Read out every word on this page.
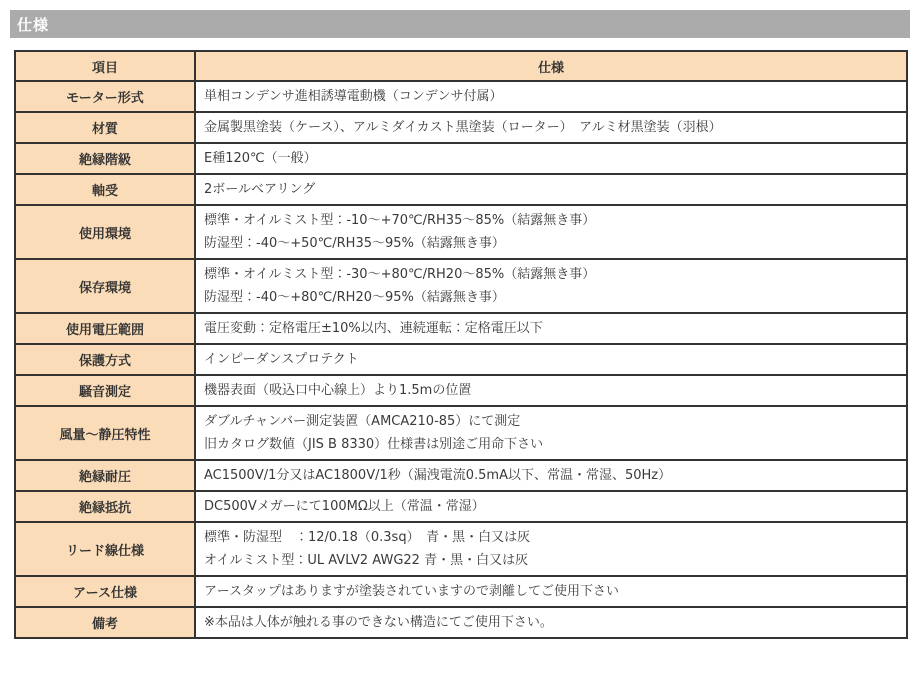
仕様
項目	仕様
モーター形式	単相コンデンサ進相誘導電動機（コンデンサ付属）

材質	金属製黒塗装（ケース）、アルミダイカスト黒塗装（ローター）　アルミ材黒塗装（羽根）

絶縁階級	E種120℃（一般）

軸受	2ボールベアリング

使用環境	標準・オイルミスト型：-10～+70℃/RH35～85%（結露無き事）
防湿型：-40～+50℃/RH35～95%（結露無き事）

保存環境	標準・オイルミスト型：-30～+80℃/RH20～85%（結露無き事）
防湿型：-40～+80℃/RH20～95%（結露無き事）

使用電圧範囲	電圧変動：定格電圧±10%以内、連続運転：定格電圧以下

保護方式	インピーダンスプロテクト

騒音測定	機器表面（吸込口中心線上）より1.5mの位置

風量～静圧特性	ダブルチャンバー測定装置（AMCA210-85）にて測定
旧カタログ数値（JIS B 8330）仕様書は別途ご用命下さい

絶縁耐圧	AC1500V/1分又はAC1800V/1秒（漏洩電流0.5mA以下、常温・常湿、50Hz）

絶縁抵抗	DC500Vメガーにて100MΩ以上（常温・常湿）

リード線仕様	標準・防湿型　：12/0.18（0.3sq）　青・黒・白又は灰
オイルミスト型：UL AVLV2 AWG22 青・黒・白又は灰

アース仕様	アースタップはありますが塗装されていますので剥離してご使用下さい

備考	※本品は人体が触れる事のできない構造にてご使用下さい。
